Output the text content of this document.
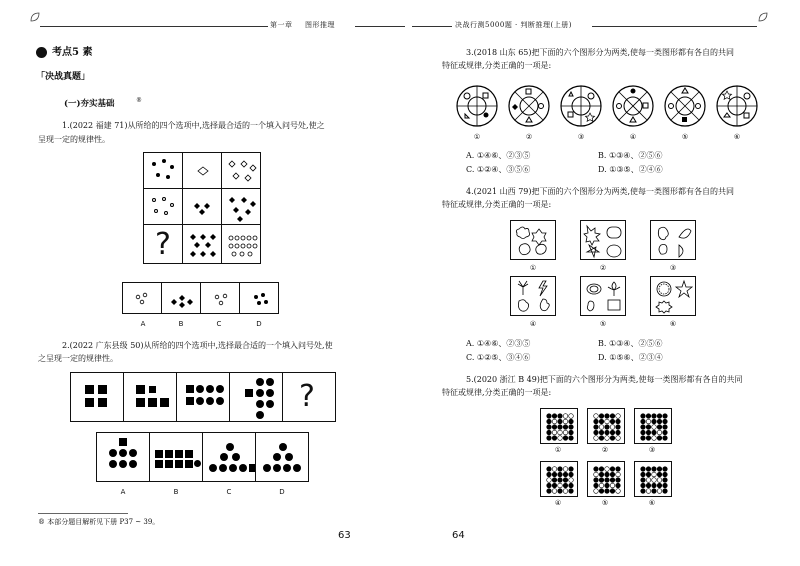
第一章 图形推理
考点5 素
「决战真题」
(一)夯实基础	®
1.(2022 福建 71)从所给的四个选项中,选择最合适的一个填入问号处,使之
呈现一定的规律性。
?
A	B	C	D
2.(2022 广东县级 50)从所给的四个选项中,选择最合适的一个填入问号处,使
之呈现一定的规律性。
?
A	B	C	D
® 本部分题目解析见下册 P37 ~ 39。
63
决战行测5000题 · 判断推理(上册)
3.(2018 山东 65)把下面的六个图形分为两类,使每一类图形都有各自的共同
特征或规律,分类正确的一项是:
①	②	③	④	⑤	⑥
A. ①④⑥、②③⑤	B. ①③④、②⑤⑥
C. ①②④、③⑤⑥	D. ①③⑤、②④⑥
4.(2021 山西 79)把下面的六个图形分为两类,使每一类图形都有各自的共同
特征或规律,分类正确的一项是:
①	②	③
④	⑤	⑥
A. ①④⑥、②③⑤	B. ①③④、②⑤⑥
C. ①②⑤、③④⑥	D. ①⑤⑥、②③④
5.(2020 浙江 B 49)把下面的六个图形分为两类,使每一类图形都有各自的共同
特征或规律,分类正确的一项是:
①	②	③
④	⑤	⑥
64
